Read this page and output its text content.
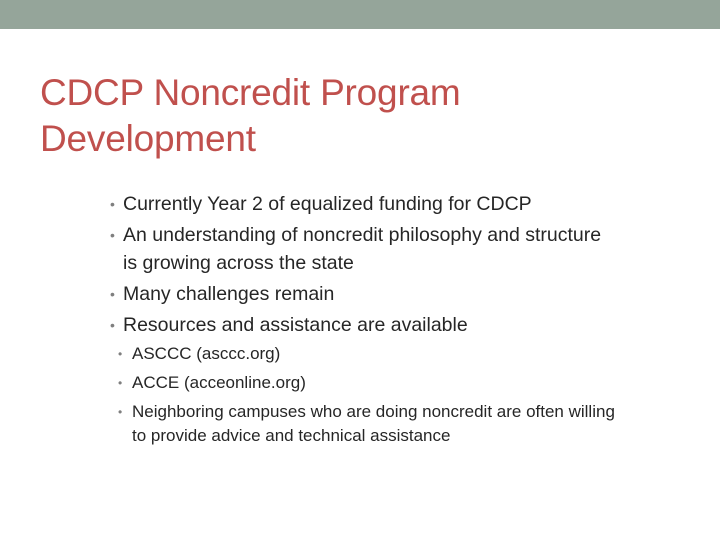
CDCP Noncredit Program Development
• Currently Year 2 of equalized funding for CDCP
• An understanding of noncredit philosophy and structure is growing across the state
• Many challenges remain
• Resources and assistance are available
• ASCCC (asccc.org)
• ACCE (acceonline.org)
• Neighboring campuses who are doing noncredit are often willing to provide advice and technical assistance
